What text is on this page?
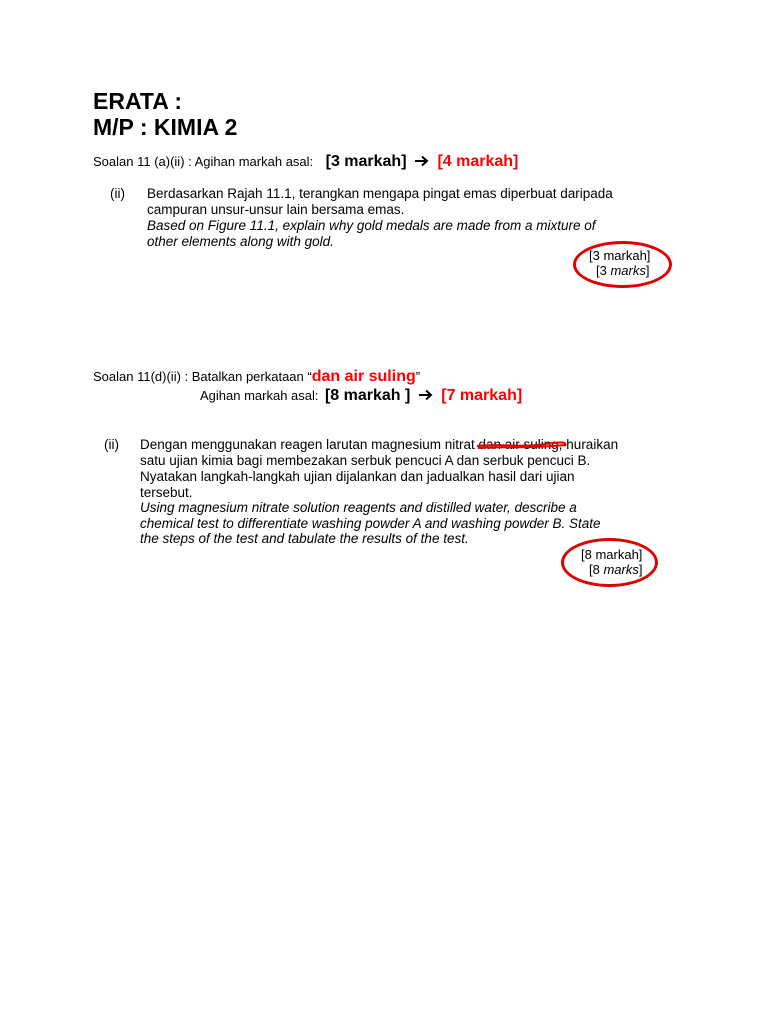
ERATA :
M/P : KIMIA 2
Soalan 11 (a)(ii) : Agihan markah asal: [3 markah] [4 markah]
(ii) Berdasarkan Rajah 11.1, terangkan mengapa pingat emas diperbuat daripada
campuran unsur-unsur lain bersama emas.
Based on Figure 11.1, explain why gold medals are made from a mixture of
other elements along with gold.
[3 markah]
[3 marks]
Soalan 11(d)(ii) : Batalkan perkataan “dan air suling”
Agihan markah asal: [8 markah ] [7 markah]
(ii) Dengan menggunakan reagen larutan magnesium nitrat dan air suling
, huraikan
satu ujian kimia bagi membezakan serbuk pencuci A dan serbuk pencuci B.
Nyatakan langkah-langkah ujian dijalankan dan jadualkan hasil dari ujian
tersebut.
Using magnesium nitrate solution reagents and distilled water, describe a
chemical test to differentiate washing powder A and washing powder B. State
the steps of the test and tabulate the results of the test.
[8 markah]
[8 marks]
